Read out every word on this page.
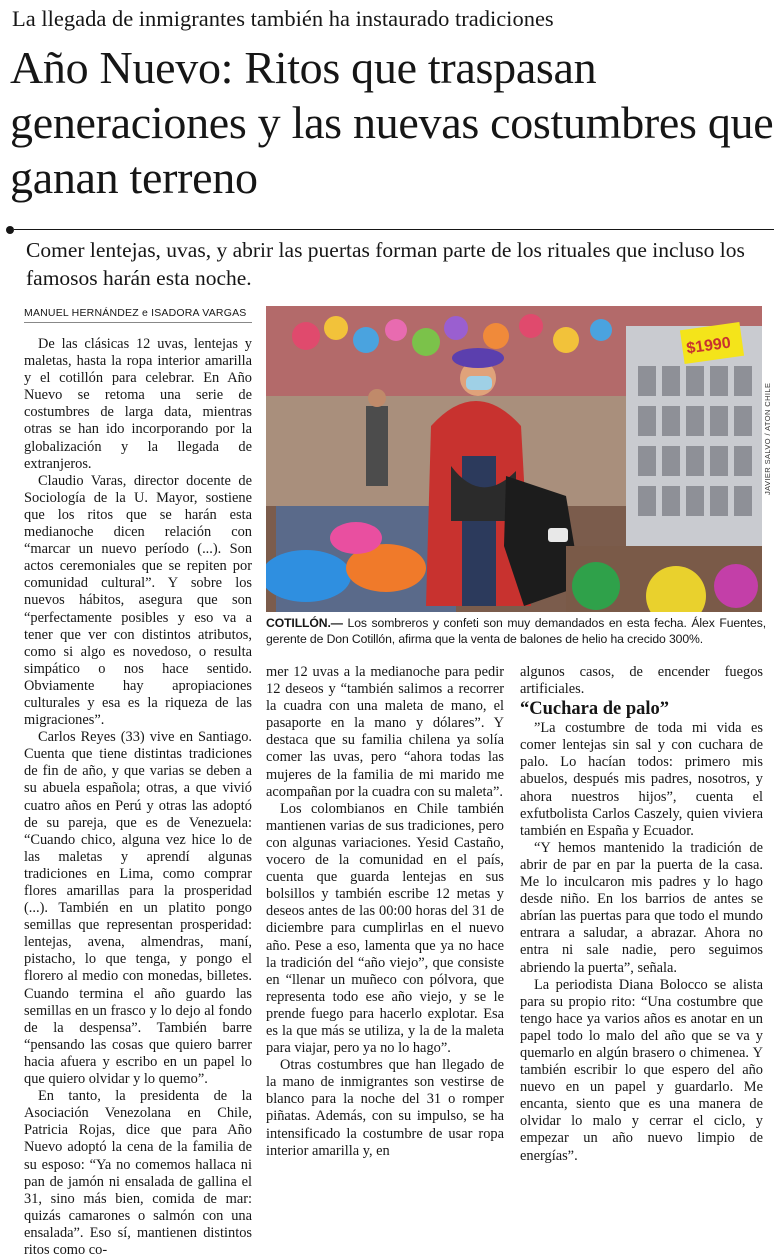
La llegada de inmigrantes también ha instaurado tradiciones
Año Nuevo: Ritos que traspasan generaciones y las nuevas costumbres que ganan terreno
Comer lentejas, uvas, y abrir las puertas forman parte de los rituales que incluso los famosos harán esta noche.
MANUEL HERNÁNDEZ e ISADORA VARGAS

De las clásicas 12 uvas, lentejas y maletas, hasta la ropa interior amarilla y el cotillón para celebrar. En Año Nuevo se retoma una serie de costumbres de larga data, mientras otras se han ido incorporando por la globalización y la llegada de extranjeros.

Claudio Varas, director docente de Sociología de la U. Mayor, sostiene que los ritos que se harán esta medianoche dicen relación con “marcar un nuevo período (...). Son actos ceremoniales que se repiten por comunidad cultural”. Y sobre los nuevos hábitos, asegura que son “perfectamente posibles y eso va a tener que ver con distintos atributos, como si algo es novedoso, o resulta simpático o nos hace sentido. Obviamente hay apropiaciones culturales y esa es la riqueza de las migraciones”.

Carlos Reyes (33) vive en Santiago. Cuenta que tiene distintas tradiciones de fin de año, y que varias se deben a su abuela española; otras, a que vivió cuatro años en Perú y otras las adoptó de su pareja, que es de Venezuela: “Cuando chico, alguna vez hice lo de las maletas y aprendí algunas tradiciones en Lima, como comprar flores amarillas para la prosperidad (...). También en un platito pongo semillas que representan prosperidad: lentejas, avena, almendras, maní, pistacho, lo que tenga, y pongo el florero al medio con monedas, billetes. Cuando termina el año guardo las semillas en un frasco y lo dejo al fondo de la despensa”. También barre “pensando las cosas que quiero barrer hacia afuera y escribo en un papel lo que quiero olvidar y lo quemo”.

En tanto, la presidenta de la Asociación Venezolana en Chile, Patricia Rojas, dice que para Año Nuevo adoptó la cena de la familia de su esposo: “Ya no comemos hallaca ni pan de jamón ni ensalada de gallina el 31, sino más bien, comida de mar: quizás camarones o salmón con una ensalada”. Eso sí, mantienen distintos ritos como co-

$1990
JAVIER SALVO / ATON CHILE
COTILLÓN.— Los sombreros y confeti son muy demandados en esta fecha. Álex Fuentes, gerente de Don Cotillón, afirma que la venta de balones de helio ha crecido 300%.

mer 12 uvas a la medianoche para pedir 12 deseos y “también salimos a recorrer la cuadra con una maleta de mano, el pasaporte en la mano y dólares”. Y destaca que su familia chilena ya solía comer las uvas, pero “ahora todas las mujeres de la familia de mi marido me acompañan por la cuadra con su maleta”.

Los colombianos en Chile también mantienen varias de sus tradiciones, pero con algunas variaciones. Yesid Castaño, vocero de la comunidad en el país, cuenta que guarda lentejas en sus bolsillos y también escribe 12 metas y deseos antes de las 00:00 horas del 31 de diciembre para cumplirlas en el nuevo año. Pese a eso, lamenta que ya no hace la tradición del “año viejo”, que consiste en “llenar un muñeco con pólvora, que representa todo ese año viejo, y se le prende fuego para hacerlo explotar. Esa es la que más se utiliza, y la de la maleta para viajar, pero ya no lo hago”.

Otras costumbres que han llegado de la mano de inmigrantes son vestirse de blanco para la noche del 31 o romper piñatas. Además, con su impulso, se ha intensificado la costumbre de usar ropa interior amarilla y, en

algunos casos, de encender fuegos artificiales.

“Cuchara de palo”

”La costumbre de toda mi vida es comer lentejas sin sal y con cuchara de palo. Lo hacían todos: primero mis abuelos, después mis padres, nosotros, y ahora nuestros hijos”, cuenta el exfutbolista Carlos Caszely, quien viviera también en España y Ecuador.

“Y hemos mantenido la tradición de abrir de par en par la puerta de la casa. Me lo inculcaron mis padres y lo hago desde niño. En los barrios de antes se abrían las puertas para que todo el mundo entrara a saludar, a abrazar. Ahora no entra ni sale nadie, pero seguimos abriendo la puerta”, señala.

La periodista Diana Bolocco se alista para su propio rito: “Una costumbre que tengo hace ya varios años es anotar en un papel todo lo malo del año que se va y quemarlo en algún brasero o chimenea. Y también escribir lo que espero del año nuevo en un papel y guardarlo. Me encanta, siento que es una manera de olvidar lo malo y cerrar el ciclo, y empezar un año nuevo limpio de energías”.
